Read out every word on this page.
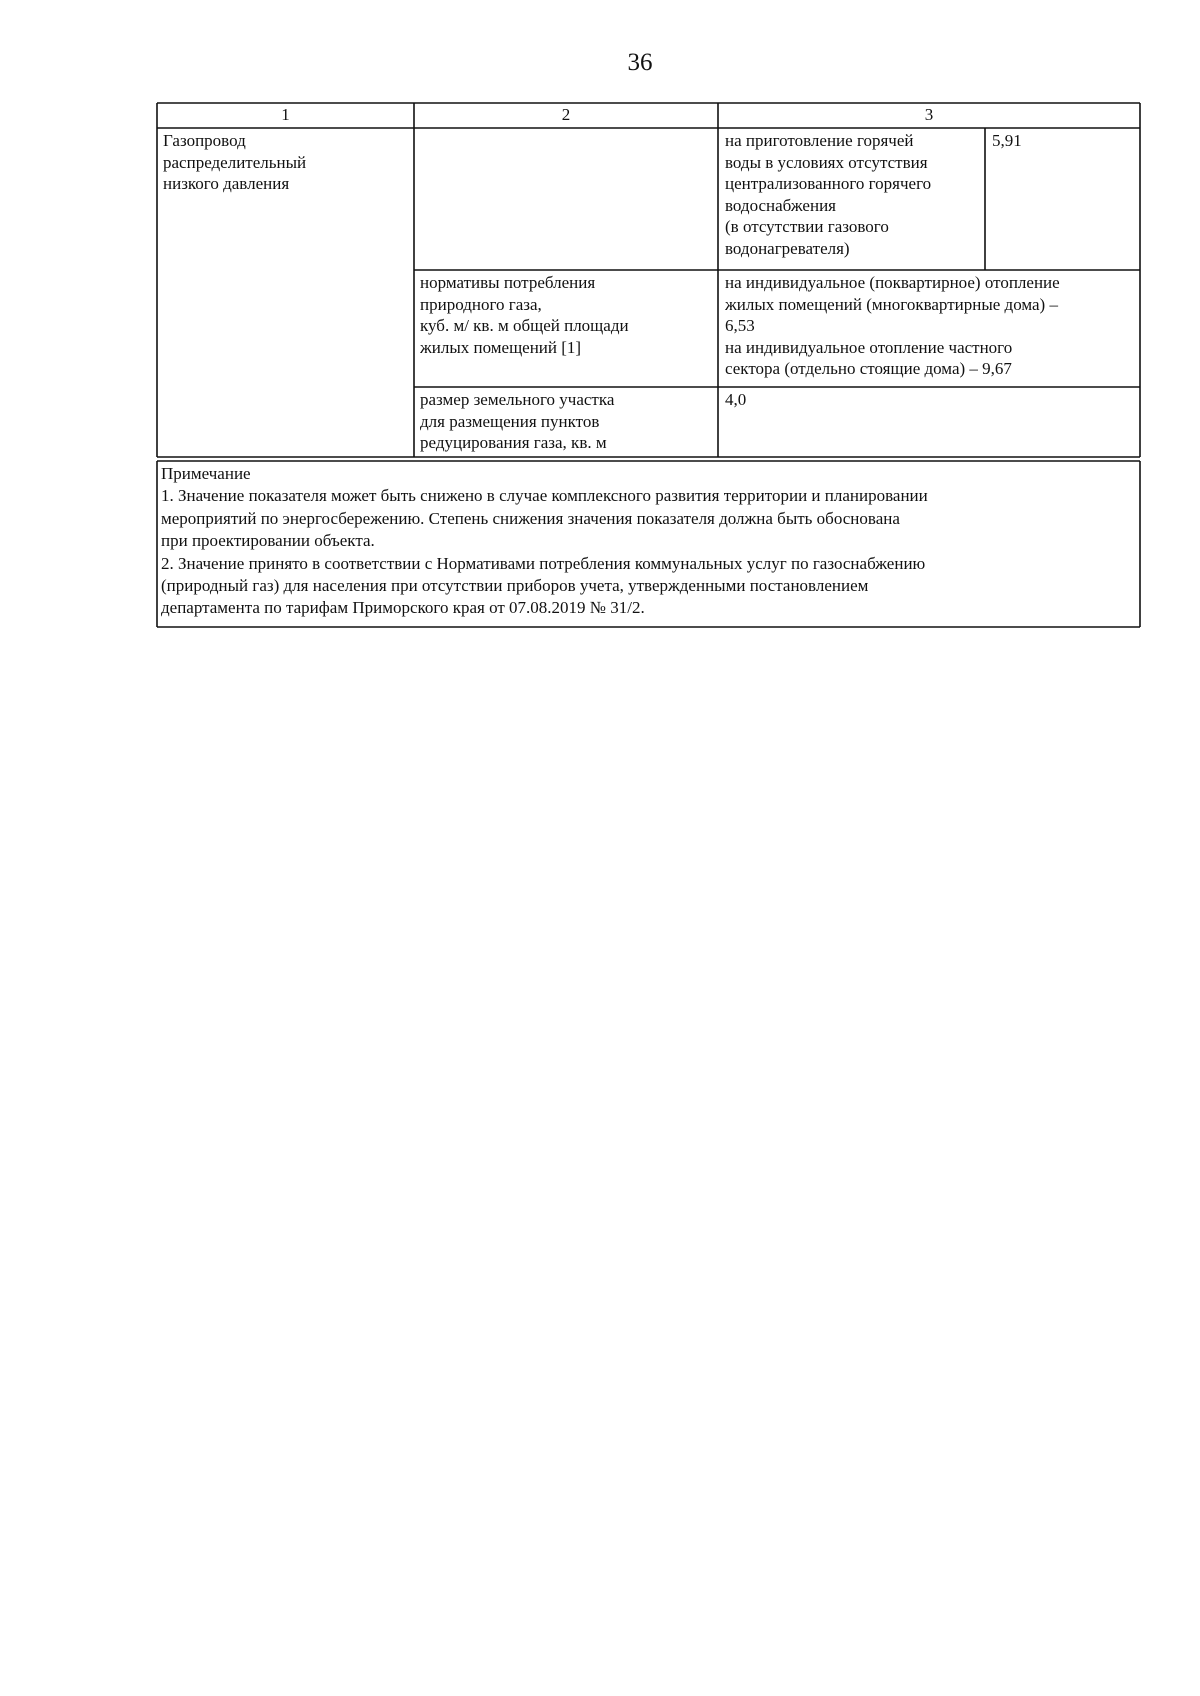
36
1	2	3
Газопровод
распределительный
низкого давления
на приготовление горячей
воды в условиях отсутствия
централизованного горячего
водоснабжения
(в отсутствии газового
водонагревателя)
5,91
нормативы потребления
природного газа,
куб. м/ кв. м общей площади
жилых помещений [1]
на индивидуальное (поквартирное) отопление
жилых помещений (многоквартирные дома) –
6,53
на индивидуальное отопление частного
сектора (отдельно стоящие дома) – 9,67
размер земельного участка
для размещения пунктов
редуцирования газа, кв. м
4,0
Примечание
1. Значение показателя может быть снижено в случае комплексного развития территории и планировании
мероприятий по энергосбережению. Степень снижения значения показателя должна быть обоснована
при проектировании объекта.
2. Значение принято в соответствии с Нормативами потребления коммунальных услуг по газоснабжению
(природный газ) для населения при отсутствии приборов учета, утвержденными постановлением
департамента по тарифам Приморского края от 07.08.2019 № 31/2.
